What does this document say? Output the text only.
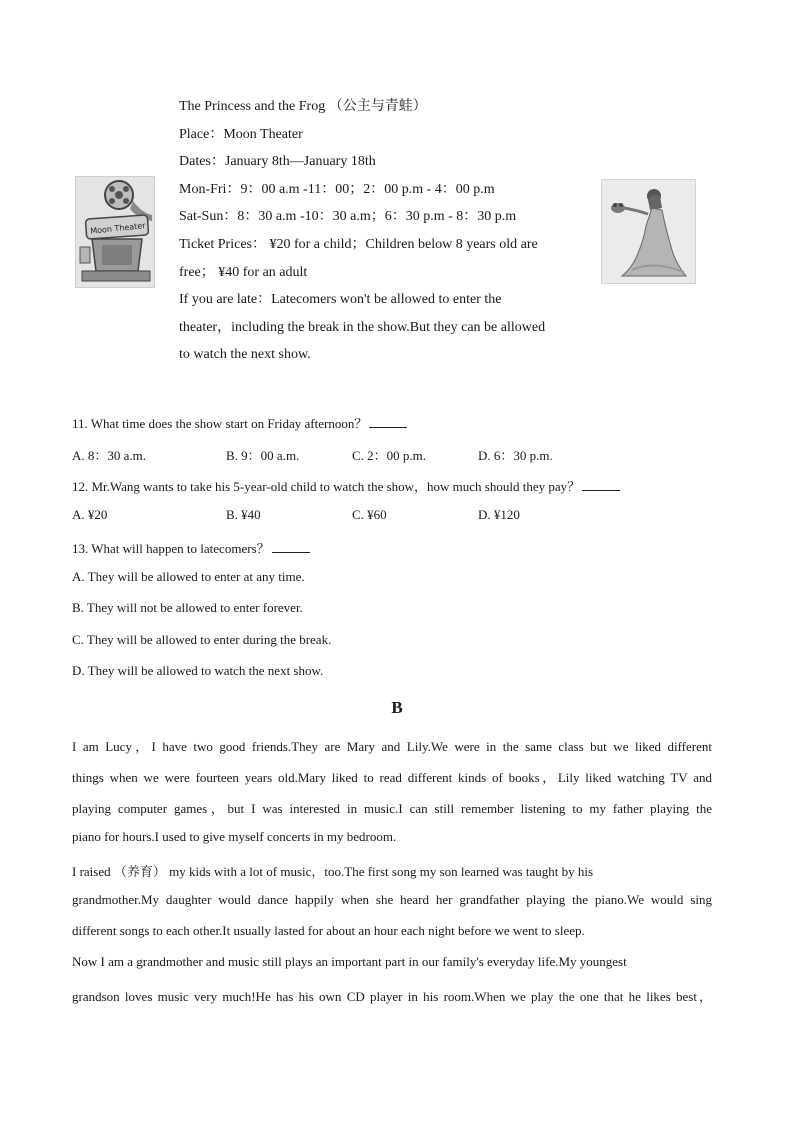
Moon Theater
The Princess and the Frog （公主与青蛙）
Place：Moon Theater
Dates：January 8th—January 18th
Mon-Fri：9：00 a.m -11：00；2：00 p.m - 4：00 p.m
Sat-Sun：8：30 a.m -10：30 a.m；6：30 p.m - 8：30 p.m
Ticket Prices： ¥20 for a child；Children below 8 years old are
free； ¥40 for an adult
If you are late：Latecomers won't be allowed to enter the
theater，including the break in the show.But they can be allowed
to watch the next show.
11. What time does the show start on Friday afternoon？
A. 8：30 a.m.	B. 9：00 a.m.	C. 2：00 p.m.	D. 6：30 p.m.
12. Mr.Wang wants to take his 5-year-old child to watch the show，how much should they pay？
A. ¥20	B. ¥40	C. ¥60	D. ¥120
13. What will happen to latecomers？
A. They will be allowed to enter at any time.
B. They will not be allowed to enter forever.
C. They will be allowed to enter during the break.
D. They will be allowed to watch the next show.
B
I am Lucy，I have two good friends.They are Mary and Lily.We were in the same class but we liked different
things when we were fourteen years old.Mary liked to read different kinds of books，Lily liked watching TV and
playing computer games，but I was interested in music.I can still remember listening to my father playing the
piano for hours.I used to give myself concerts in my bedroom.
I raised （养育） my kids with a lot of music，too.The first song my son learned was taught by his
grandmother.My daughter would dance happily when she heard her grandfather playing the piano.We would sing
different songs to each other.It usually lasted for about an hour each night before we went to sleep.
Now I am a grandmother and music still plays an important part in our family's everyday life.My youngest
grandson loves music very much!He has his own CD player in his room.When we play the one that he likes best，
